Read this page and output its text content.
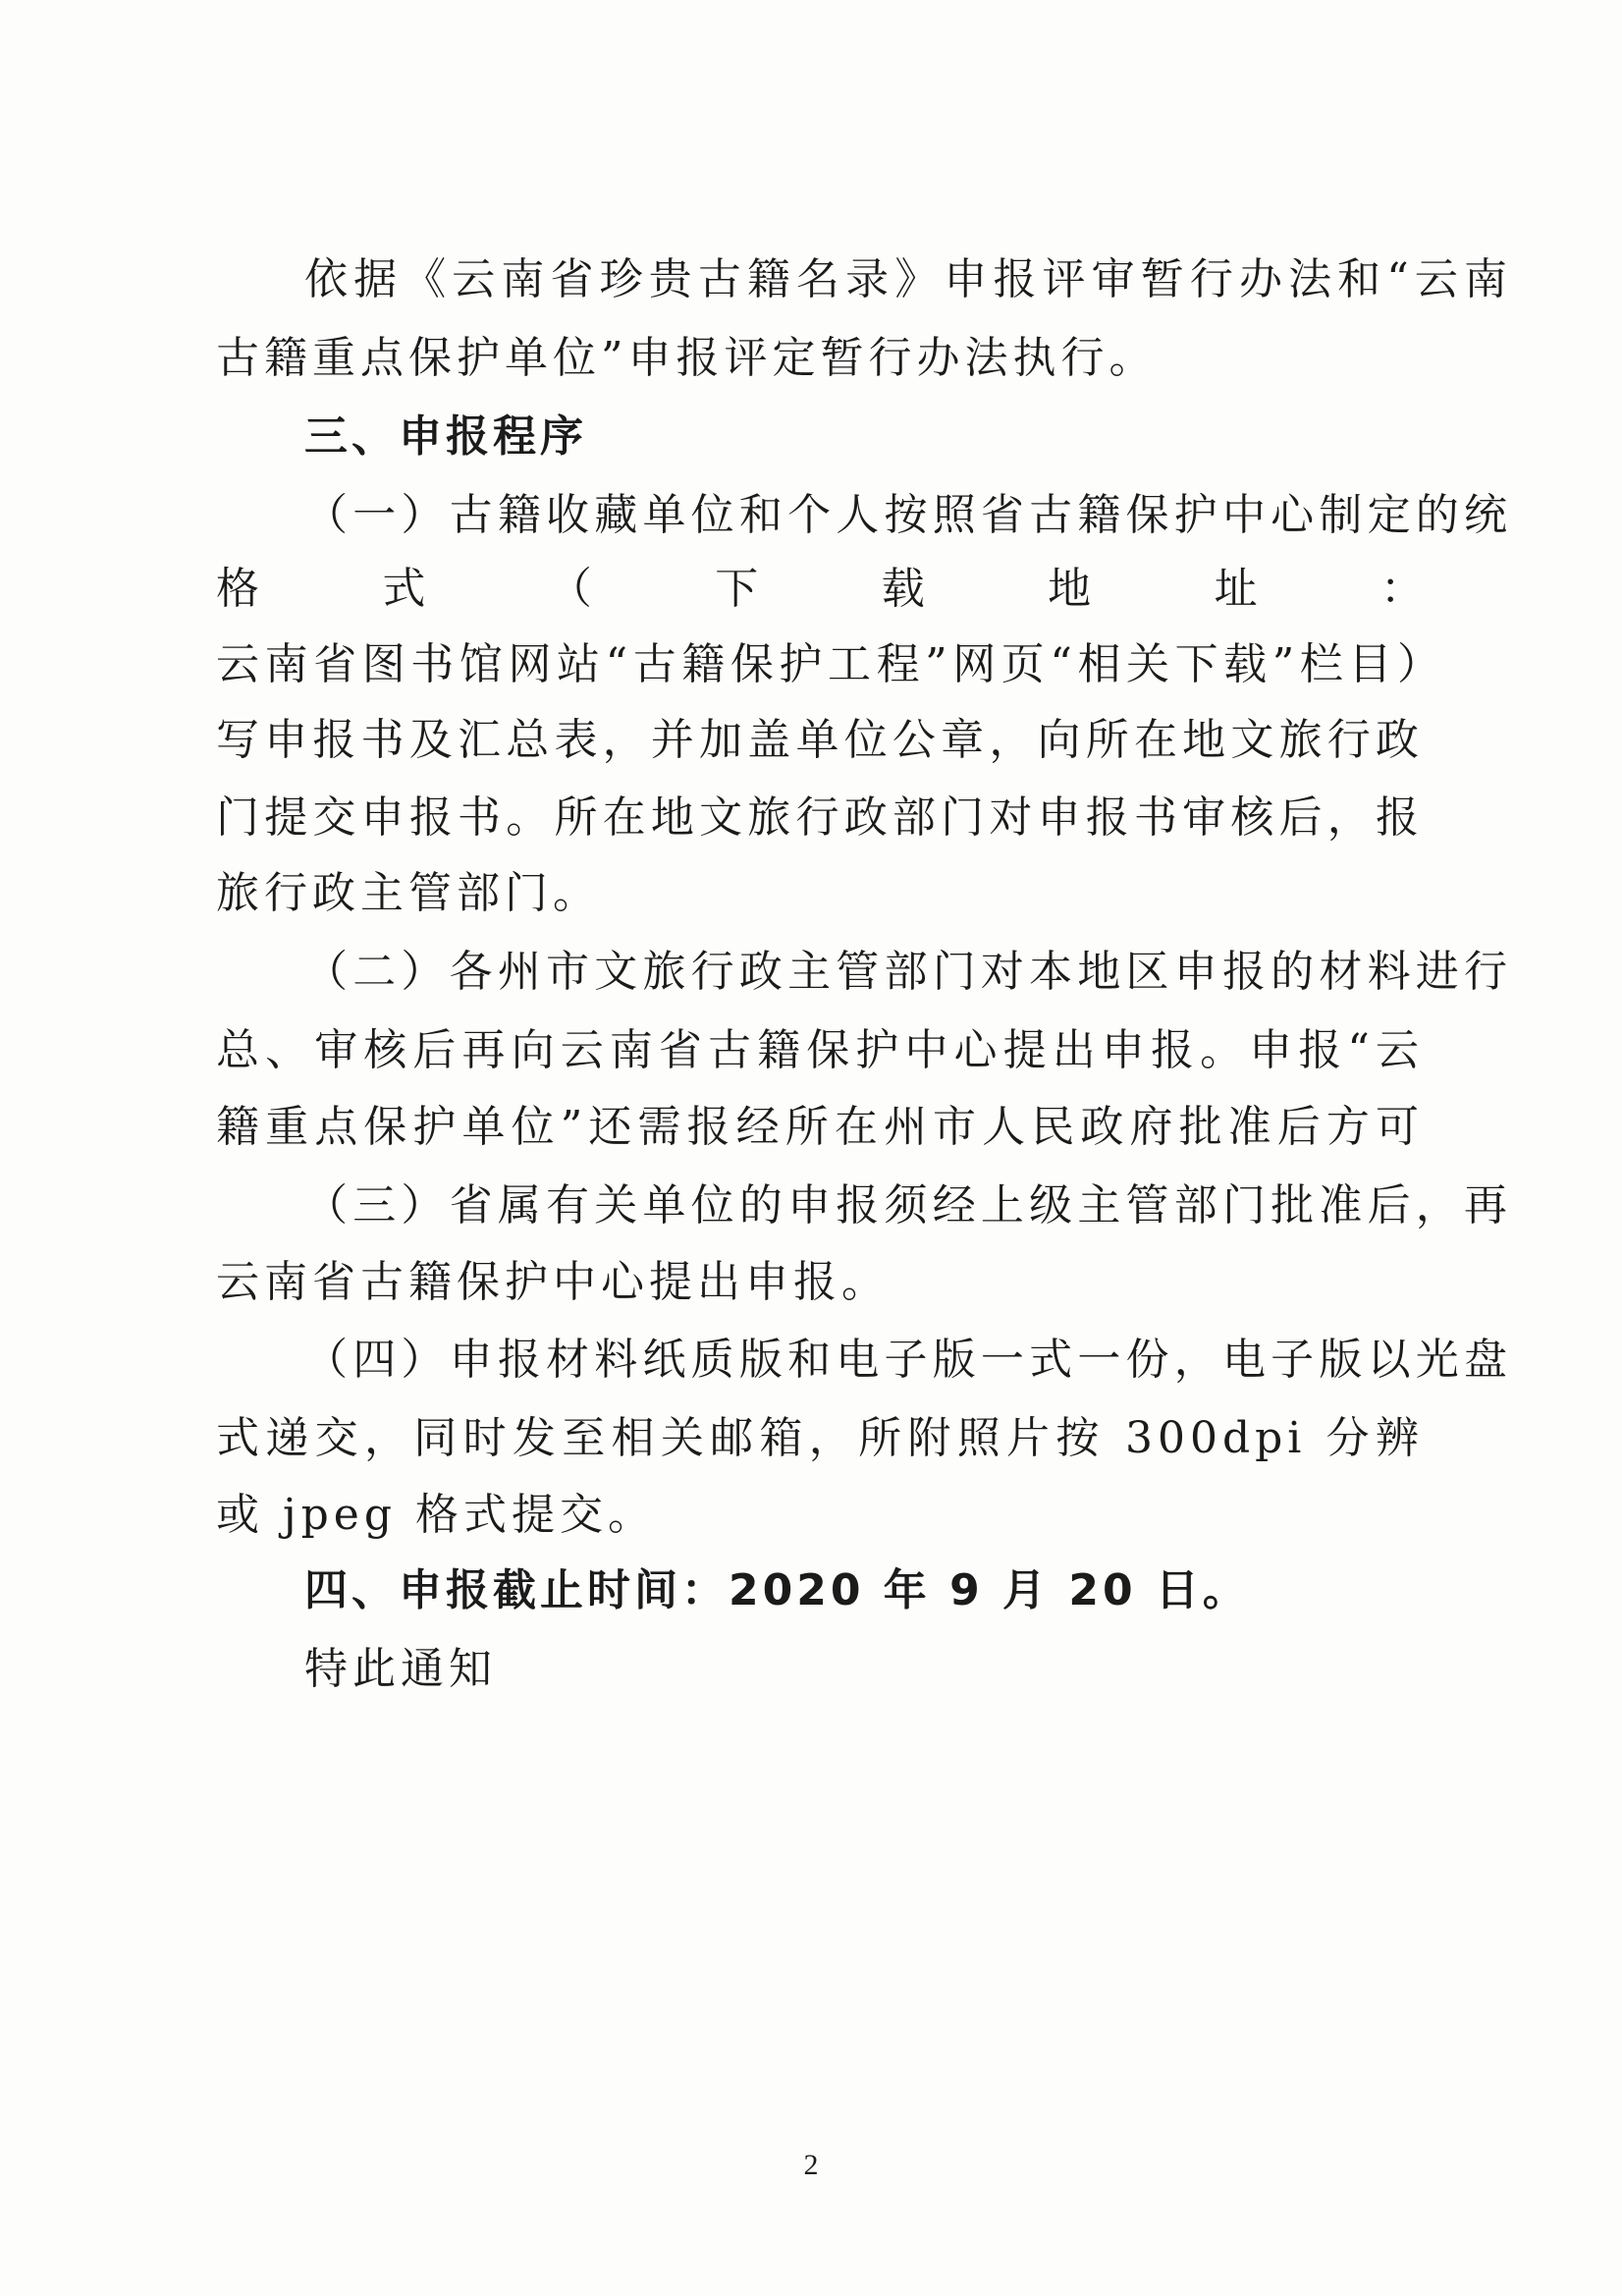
依据《云南省珍贵古籍名录》申报评审暂行办法和“云南
古籍重点保护单位”申报评定暂行办法执行。
三、申报程序
（一）古籍收藏单位和个人按照省古籍保护中心制定的统
格式（下载地址：
云南省图书馆网站“古籍保护工程”网页“相关下载”栏目）
写申报书及汇总表，并加盖单位公章，向所在地文旅行政
门提交申报书。所在地文旅行政部门对申报书审核后，报
旅行政主管部门。
（二）各州市文旅行政主管部门对本地区申报的材料进行
总、审核后再向云南省古籍保护中心提出申报。申报“云
籍重点保护单位”还需报经所在州市人民政府批准后方可
（三）省属有关单位的申报须经上级主管部门批准后，再
云南省古籍保护中心提出申报。
（四）申报材料纸质版和电子版一式一份，电子版以光盘
式递交，同时发至相关邮箱，所附照片按 300dpi 分辨
或 jpeg 格式提交。
四、申报截止时间：2020 年 9 月 20 日。
特此通知
2
